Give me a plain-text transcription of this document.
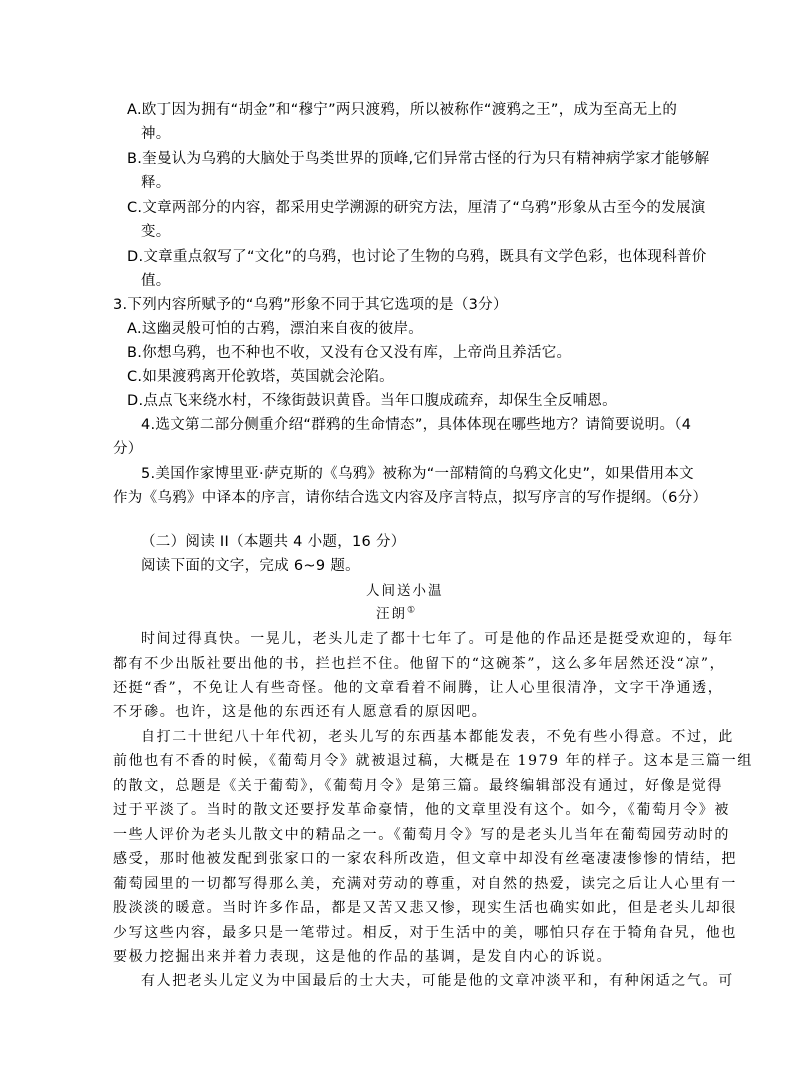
A.欧丁因为拥有“胡金”和“穆宁”两只渡鸦，所以被称作“渡鸦之王”，成为至高无上的
神。
B.奎曼认为乌鸦的大脑处于鸟类世界的顶峰,它们异常古怪的行为只有精神病学家才能够解
释。
C.文章两部分的内容，都采用史学溯源的研究方法，厘清了“乌鸦”形象从古至今的发展演
变。
D.文章重点叙写了“文化”的乌鸦，也讨论了生物的乌鸦，既具有文学色彩，也体现科普价
值。
3.下列内容所赋予的“乌鸦”形象不同于其它选项的是（3分）
A.这幽灵般可怕的古鸦，漂泊来自夜的彼岸。
B.你想乌鸦，也不种也不收，又没有仓又没有库，上帝尚且养活它。
C.如果渡鸦离开伦敦塔，英国就会沦陷。
D.点点飞来绕水村，不缘街鼓识黄昏。当年口腹成疏弃，却保生全反哺恩。
4.选文第二部分侧重介绍“群鸦的生命情态”，具体体现在哪些地方？请简要说明。（4
分）
5.美国作家博里亚·萨克斯的《乌鸦》被称为“一部精简的乌鸦文化史”，如果借用本文
作为《乌鸦》中译本的序言，请你结合选文内容及序言特点，拟写序言的写作提纲。（6分）
（二）阅读 II（本题共 4 小题，16 分）
阅读下面的文字，完成 6~9 题。
人间送小温
汪朗①
时间过得真快。一晃儿，老头儿走了都十七年了。可是他的作品还是挺受欢迎的，每年
都有不少出版社要出他的书，拦也拦不住。他留下的“这碗茶”，这么多年居然还没“凉”，
还挺“香”，不免让人有些奇怪。他的文章看着不闹腾，让人心里很清净，文字干净通透，
不牙碜。也许，这是他的东西还有人愿意看的原因吧。
自打二十世纪八十年代初，老头儿写的东西基本都能发表，不免有些小得意。不过，此
前他也有不香的时候，《葡萄月令》就被退过稿，大概是在 1979 年的样子。这本是三篇一组
的散文，总题是《关于葡萄》，《葡萄月令》是第三篇。最终编辑部没有通过，好像是觉得
过于平淡了。当时的散文还要抒发革命豪情，他的文章里没有这个。如今，《葡萄月令》被
一些人评价为老头儿散文中的精品之一。《葡萄月令》写的是老头儿当年在葡萄园劳动时的
感受，那时他被发配到张家口的一家农科所改造，但文章中却没有丝毫凄凄惨惨的情结，把
葡萄园里的一切都写得那么美，充满对劳动的尊重，对自然的热爱，读完之后让人心里有一
股淡淡的暖意。当时许多作品，都是又苦又悲又惨，现实生活也确实如此，但是老头儿却很
少写这些内容，最多只是一笔带过。相反，对于生活中的美，哪怕只存在于犄角旮旯，他也
要极力挖掘出来并着力表现，这是他的作品的基调，是发自内心的诉说。
有人把老头儿定义为中国最后的士大夫，可能是他的文章冲淡平和，有种闲适之气。可
